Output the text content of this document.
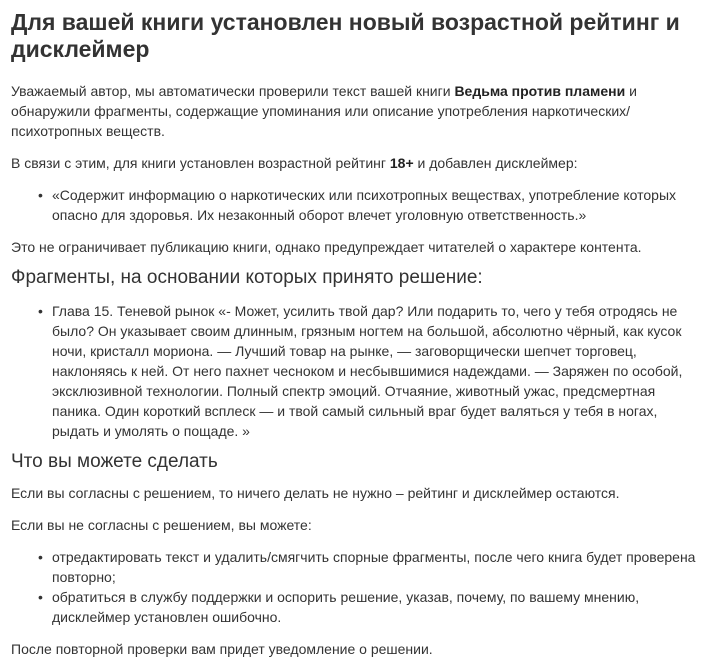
Для вашей книги установлен новый возрастной рейтинг и дисклеймер

Уважаемый автор, мы автоматически проверили текст вашей книги Ведьма против пламени и обнаружили фрагменты, содержащие упоминания или описание употребления наркотических/психотропных веществ.

В связи с этим, для книги установлен возрастной рейтинг 18+ и добавлен дисклеймер:

• «Содержит информацию о наркотических или психотропных веществах, употребление которых опасно для здоровья. Их незаконный оборот влечет уголовную ответственность.»

Это не ограничивает публикацию книги, однако предупреждает читателей о характере контента.

Фрагменты, на основании которых принято решение:
• Глава 15. Теневой рынок «- Может, усилить твой дар? Или подарить то, чего у тебя отродясь не было? Он указывает своим длинным, грязным ногтем на большой, абсолютно чёрный, как кусок ночи, кристалл мориона. — Лучший товар на рынке, — заговорщически шепчет торговец, наклоняясь к ней. От него пахнет чесноком и несбывшимися надеждами. — Заряжен по особой, эксклюзивной технологии. Полный спектр эмоций. Отчаяние, животный ужас, предсмертная паника. Один короткий всплеск — и твой самый сильный враг будет валяться у тебя в ногах, рыдать и умолять о пощаде. »
Что вы можете сделать

Если вы согласны с решением, то ничего делать не нужно – рейтинг и дисклеймер остаются.

Если вы не согласны с решением, вы можете:

• отредактировать текст и удалить/смягчить спорные фрагменты, после чего книга будет проверена повторно;
• обратиться в службу поддержки и оспорить решение, указав, почему, по вашему мнению, дисклеймер установлен ошибочно.

После повторной проверки вам придет уведомление о решении.
